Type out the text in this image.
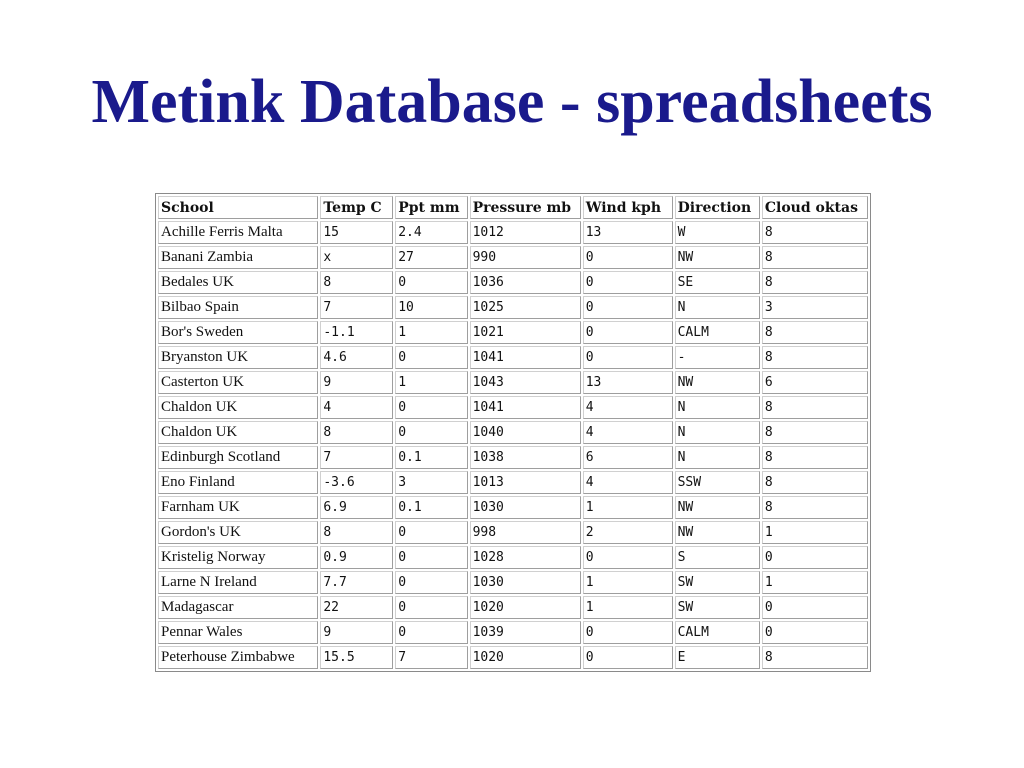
Metink Database - spreadsheets
School	Temp C	Ppt mm	Pressure mb	Wind kph	Direction	Cloud oktas
Achille Ferris Malta	15	2.4	1012	13	W	8
Banani Zambia	x	27	990	0	NW	8
Bedales UK	8	0	1036	0	SE	8
Bilbao Spain	7	10	1025	0	N	3
Bor's Sweden	-1.1	1	1021	0	CALM	8
Bryanston UK	4.6	0	1041	0	-	8
Casterton UK	9	1	1043	13	NW	6
Chaldon UK	4	0	1041	4	N	8
Chaldon UK	8	0	1040	4	N	8
Edinburgh Scotland	7	0.1	1038	6	N	8
Eno Finland	-3.6	3	1013	4	SSW	8
Farnham UK	6.9	0.1	1030	1	NW	8
Gordon's UK	8	0	998	2	NW	1
Kristelig Norway	0.9	0	1028	0	S	0
Larne N Ireland	7.7	0	1030	1	SW	1
Madagascar	22	0	1020	1	SW	0
Pennar Wales	9	0	1039	0	CALM	0
Peterhouse Zimbabwe	15.5	7	1020	0	E	8
